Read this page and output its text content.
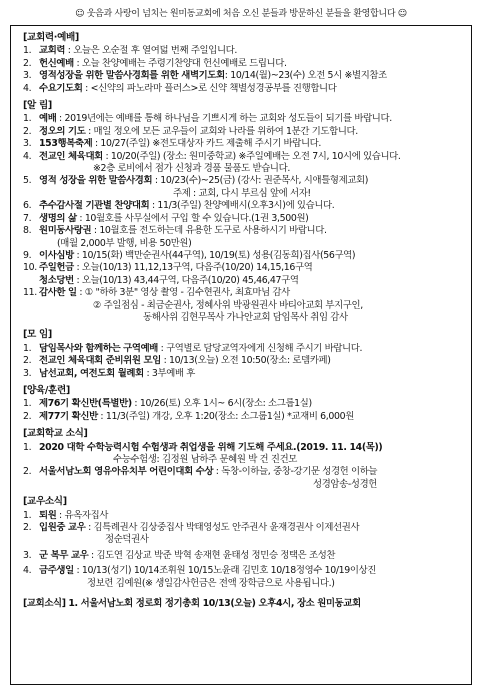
☺ 웃음과 사랑이 넘치는 원미동교회에 처음 오신 분들과 방문하신 분들을 환영합니다 ☺
[교회력·예배]
1. 교회력 : 오늘은 오순절 후 열여덟 번째 주일입니다.
2. 헌신예배 : 오늘 찬양예배는 주령기찬양대 헌신예배로 드립니다.
3. 영적성장을 위한 말씀사경회를 위한 새벽기도회: 10/14(월)~23(수) 오전 5시 ※별지참조
4. 수요기도회 : <신약의 파노라마 플러스>로 신약 책별성경공부를 진행합니다
[알 림]
1. 예배 : 2019년에는 예배를 통해 하나님을 기쁘시게 하는 교회와 성도들이 되기를 바랍니다.
2. 정오의 기도 : 매일 정오에 모든 교우들이 교회와 나라를 위하여 1분간 기도합니다.
3. 153행복축제 : 10/27(주일) ※전도대상자 카드 제출해 주시기 바랍니다.
4. 전교인 체육대회 : 10/20(주일) (장소: 원미중학교) ※주일예배는 오전 7시, 10시에 있습니다.
※2층 로비에서 점가 신청과 경품 물품도 받습니다.
5. 영적 성장을 위한 말씀사경회 : 10/23(수)~25(금) (강사: 권준목사, 시애틀형제교회)
주제 : 교회, 다시 부르심 앞에 서자!
6. 추수감사절 기관별 찬양대회 : 11/3(주일) 찬양예배시(오후3시)에 있습니다.
7. 생명의 삶 : 10월호를 사무실에서 구입 할 수 있습니다.(1권 3,500원)
8. 원미동사랑권 : 10월호를 전도하는데 유용한 도구로 사용하시기 바랍니다.
(매월 2,000부 발행, 비용 50만원)
9. 이사심방 : 10/15(화) 백만순권사(44구역), 10/19(토) 성용(김동희)집사(56구역)
10. 주일헌금 : 오늘(10/13) 11,12,13구역, 다음주(10/20) 14,15,16구역
청소당번 : 오늘(10/13) 43,44구역, 다음주(10/20) 45,46,47구역
11. 감사한 일 : ① "하하 3분" 영상 촬영 - 김수현권사, 최효마님 감사
② 주일점심 - 최금순권사, 정혜사위 박광원권사 바티아교회 부지구인,
동해사위 김현무목사 가나안교회 담임목사 취임 감사
[모 임]
1. 담임목사와 함께하는 구역예배 : 구역별로 담당교역자에게 신청해 주시기 바랍니다.
2. 전교인 체육대회 준비위원 모임 : 10/13(오늘) 오전 10:50(장소: 로뎀카페)
3. 남선교회, 여전도회 월례회 : 3부예배 후
[양육/훈련]
1. 제76기 확신반(특별반) : 10/26(토) 오후 1시~ 6시(장소: 소그룹1실)
2. 제77기 확신반 : 11/3(주일) 개강, 오후 1:20(장소: 소그룹1실) *교재비 6,000원
[교회학교 소식]
1. 2020 대학 수학능력시험 수험생과 취업생을 위해 기도해 주세요.(2019. 11. 14(목))
수능수험생: 김정원 남하주 문혜원 박 건 진건모
2. 서울서남노회 영유아유치부 어린이대회 수상 : 독창-이하늘, 중창-강기문 성경헌 이하늘
성경암송-성경헌
[교우소식]
1. 퇴원 : 유옥자집사
2. 입원중 교우 : 김특례권사 김상중집사 박태영성도 안주권사 윤재경권사 이제선권사
정순덕권사
3. 군 복무 교우 : 김도연 김상교 박준 박혁 송재현 윤태성 정민승 정택은 조성찬
4. 금주생일 : 10/13(성기) 10/14조휘원 10/15노윤래 김민호 10/18정영수 10/19이상진
정보련 김예원(※ 생일감사헌금은 전액 장학금으로 사용됩니다.)
[교회소식] 1. 서울서남노회 정로회 정기총회 10/13(오늘) 오후4시, 장소 원미동교회
